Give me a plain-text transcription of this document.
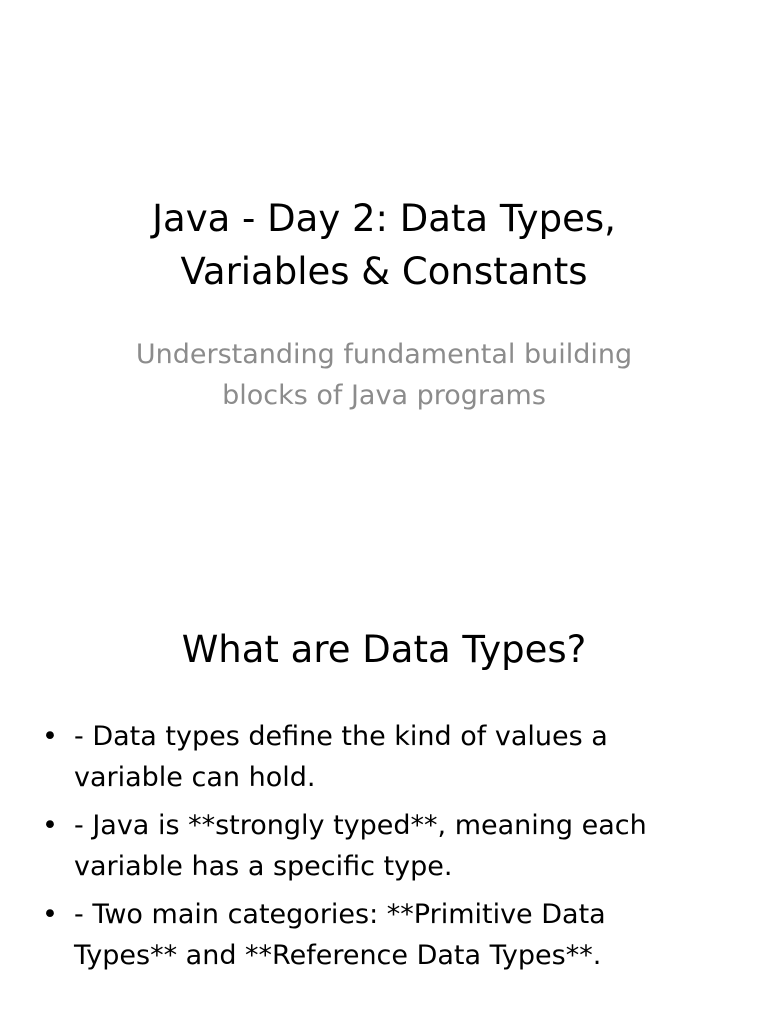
Java - Day 2: Data Types,
Variables & Constants
Understanding fundamental building
blocks of Java programs
What are Data Types?
• - Data types define the kind of values a
variable can hold.
• - Java is **strongly typed**, meaning each
variable has a specific type.
• - Two main categories: **Primitive Data
Types** and **Reference Data Types**.
